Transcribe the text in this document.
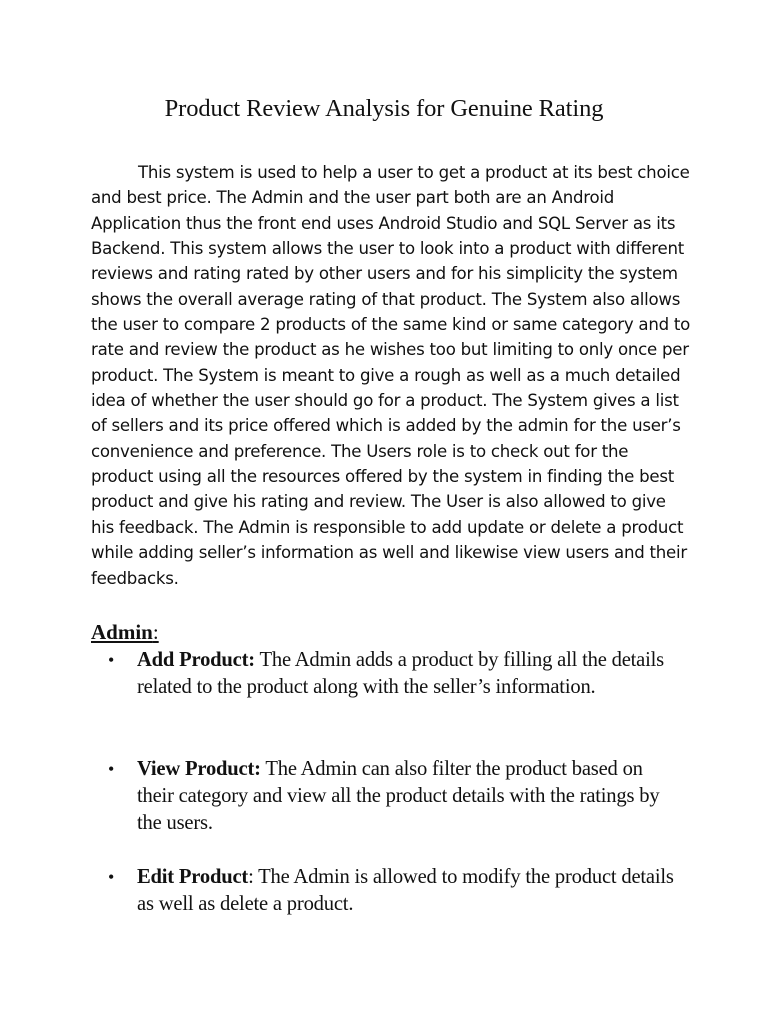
Product Review Analysis for Genuine Rating

This system is used to help a user to get a product at its best choice and best price. The Admin and the user part both are an Android Application thus the front end uses Android Studio and SQL Server as its Backend. This system allows the user to look into a product with different reviews and rating rated by other users and for his simplicity the system shows the overall average rating of that product. The System also allows the user to compare 2 products of the same kind or same category and to rate and review the product as he wishes too but limiting to only once per product. The System is meant to give a rough as well as a much detailed idea of whether the user should go for a product. The System gives a list of sellers and its price offered which is added by the admin for the user’s convenience and preference. The Users role is to check out for the product using all the resources offered by the system in finding the best product and give his rating and review. The User is also allowed to give his feedback. The Admin is responsible to add update or delete a product while adding seller’s information as well and likewise view users and their feedbacks.

Admin:
•	Add Product: The Admin adds a product by filling all the details related to the product along with the seller’s information.
•	View Product: The Admin can also filter the product based on their category and view all the product details with the ratings by the users.
•	Edit Product: The Admin is allowed to modify the product details as well as delete a product.
